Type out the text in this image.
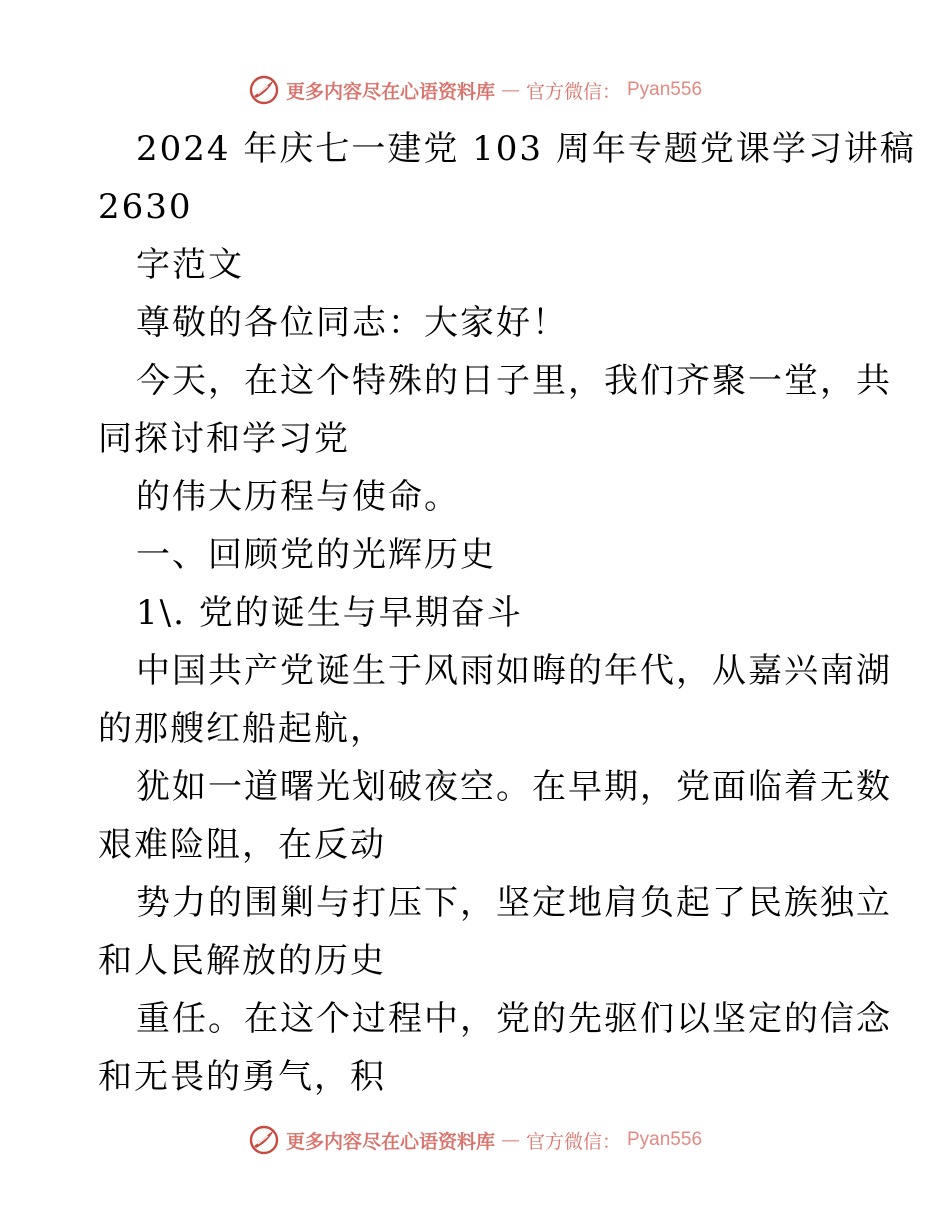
更多内容尽在心语资料库 — 官方微信： Pyan556
2024 年庆七一建党 103 周年专题党课学习讲稿
2630
字范文
尊敬的各位同志：大家好！
今天，在这个特殊的日子里，我们齐聚一堂，共
同探讨和学习党
的伟大历程与使命。
一、回顾党的光辉历史
1\. 党的诞生与早期奋斗
中国共产党诞生于风雨如晦的年代，从嘉兴南湖
的那艘红船起航，
犹如一道曙光划破夜空。在早期，党面临着无数
艰难险阻，在反动
势力的围剿与打压下，坚定地肩负起了民族独立
和人民解放的历史
重任。在这个过程中，党的先驱们以坚定的信念
和无畏的勇气，积
更多内容尽在心语资料库 — 官方微信： Pyan556
